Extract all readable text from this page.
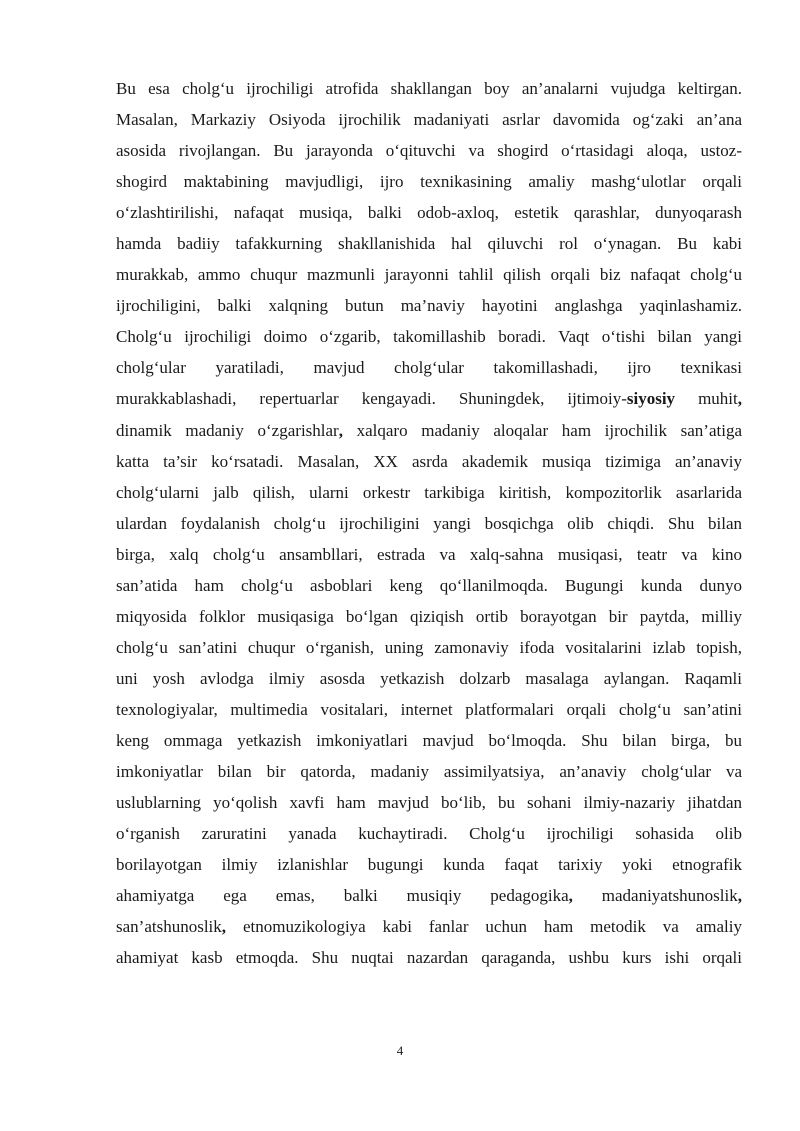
Bu esa cholg‘u ijrochiligi atrofida shakllangan boy an’analarni vujudga keltirgan.
Masalan, Markaziy Osiyoda ijrochilik madaniyati asrlar davomida og‘zaki an’ana
asosida rivojlangan. Bu jarayonda o‘qituvchi va shogird o‘rtasidagi aloqa, ustoz-
shogird maktabining mavjudligi, ijro texnikasining amaliy mashg‘ulotlar orqali
o‘zlashtirilishi, nafaqat musiqa, balki odob-axloq, estetik qarashlar, dunyoqarash
hamda badiiy tafakkurning shakllanishida hal qiluvchi rol o‘ynagan. Bu kabi
murakkab, ammo chuqur mazmunli jarayonni tahlil qilish orqali biz nafaqat cholg‘u
ijrochiligini, balki xalqning butun ma’naviy hayotini anglashga yaqinlashamiz.
Cholg‘u ijrochiligi doimo o‘zgarib, takomillashib boradi. Vaqt o‘tishi bilan yangi
cholg‘ular yaratiladi, mavjud cholg‘ular takomillashadi, ijro texnikasi
murakkablashadi, repertuarlar kengayadi. Shuningdek, ijtimoiy-siyosiy muhit,
dinamik madaniy o‘zgarishlar, xalqaro madaniy aloqalar ham ijrochilik san’atiga
katta ta’sir ko‘rsatadi. Masalan, XX asrda akademik musiqa tizimiga an’anaviy
cholg‘ularni jalb qilish, ularni orkestr tarkibiga kiritish, kompozitorlik asarlarida
ulardan foydalanish cholg‘u ijrochiligini yangi bosqichga olib chiqdi. Shu bilan
birga, xalq cholg‘u ansambllari, estrada va xalq-sahna musiqasi, teatr va kino
san’atida ham cholg‘u asboblari keng qo‘llanilmoqda. Bugungi kunda dunyo
miqyosida folklor musiqasiga bo‘lgan qiziqish ortib borayotgan bir paytda, milliy
cholg‘u san’atini chuqur o‘rganish, uning zamonaviy ifoda vositalarini izlab topish,
uni yosh avlodga ilmiy asosda yetkazish dolzarb masalaga aylangan. Raqamli
texnologiyalar, multimedia vositalari, internet platformalari orqali cholg‘u san’atini
keng ommaga yetkazish imkoniyatlari mavjud bo‘lmoqda. Shu bilan birga, bu
imkoniyatlar bilan bir qatorda, madaniy assimilyatsiya, an’anaviy cholg‘ular va
uslublarning yo‘qolish xavfi ham mavjud bo‘lib, bu sohani ilmiy-nazariy jihatdan
o‘rganish zaruratini yanada kuchaytiradi. Cholg‘u ijrochiligi sohasida olib
borilayotgan ilmiy izlanishlar bugungi kunda faqat tarixiy yoki etnografik
ahamiyatga ega emas, balki musiqiy pedagogika, madaniyatshunoslik,
san’atshunoslik, etnomuzikologiya kabi fanlar uchun ham metodik va amaliy
ahamiyat kasb etmoqda. Shu nuqtai nazardan qaraganda, ushbu kurs ishi orqali
4
